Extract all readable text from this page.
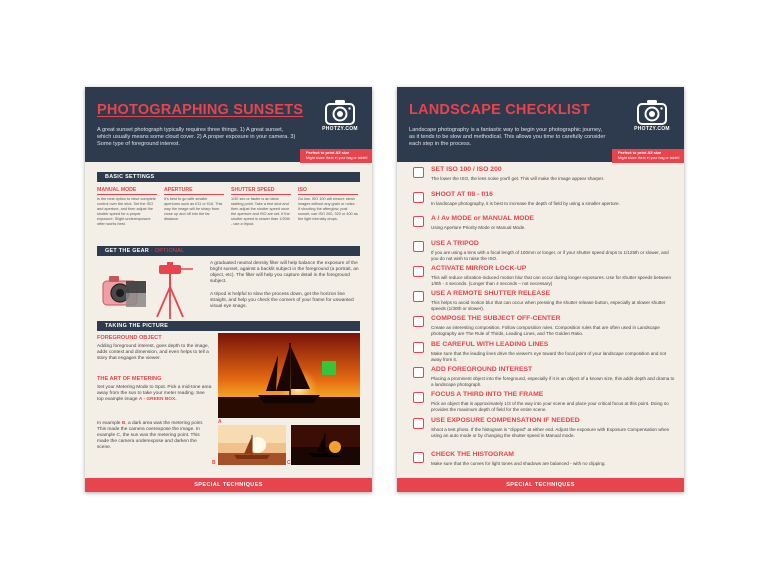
PHOTOGRAPHING SUNSETS
A great sunset photograph typically requires three things. 1) A great sunset, which usually means some cloud cover. 2) A proper exposure in your camera. 3) Some type of foreground interest.
PHOTZY.COM
Perfect to print A5 size
Might share them in your bag or tablet!
BASIC SETTINGS
MANUAL MODE
Is the best option to have complete control over the shot. Set the ISO and aperture, and then adjust the shutter speed for a proper exposure. Slight underexposure often works best.
APERTURE
It's best to go with smaller apertures such as f/11 or f/16. This way the image will be sharp from close up and off into the far distance.
SHUTTER SPEED
1/30 sec or faster is an ideal starting point. Take a test shot and then adjust the shutter speed once the aperture and ISO are set. If the shutter speed is slower than 1/30th - use a tripod.
ISO
Go low. ISO 100 will ensure clean images without any grain or noise. If shooting the afterglow, post sunset, use ISO 200, 320 or 400 as the light intensity drops.
GET THE GEAR - OPTIONAL
A graduated neutral density filter will help balance the exposure of the bright sunset, against a backlit subject in the foreground (a portrait, an object, etc). The filter will help you capture detail in the foreground subject.
A tripod is helpful to slow the process down, get the horizon line straight, and help you check the corners of your frame for unwanted visual eye snags.
TAKING THE PICTURE
FOREGROUND OBJECT
Adding foreground interest, goes depth to the image, adds context and dimension, and even helps to tell a story that engages the viewer.
THE ART OF METERING
Set your Metering Mode to Spot. Pick a mid-tone area away from the sun to take your meter reading. See top example image A - GREEN BOX.
In example B, a dark area was the metering point. This made the camera overexpose the image. In example C, the sun was the metering point. This made the camera underexpose and darken the scene.
A
B	C
SPECIAL TECHNIQUES
LANDSCAPE CHECKLIST
Landscape photography is a fantastic way to begin your photographic journey, as it tends to be slow and methodical. This allows you time to carefully consider each step in the process.
PHOTZY.COM
Perfect to print A5 size
Might share them in your bag or tablet!
SET ISO 100 / ISO 200
The lower the ISO, the less noise you'll get. This will make the image appear sharper.
SHOOT AT f/8 - f/16
In landscape photography, it is best to increase the depth of field by using a smaller aperture.
A / Av MODE or MANUAL MODE
Using Aperture Priority Mode or Manual Mode.
USE A TRIPOD
If you are using a lens with a focal length of 100mm or longer, or if your shutter speed drops to 1/125th or slower, and you do not wish to raise the ISO.
ACTIVATE MIRROR LOCK-UP
This will reduce vibration-induced motion blur that can occur during longer exposures. Use for shutter speeds between 1/8th - 4 seconds. (Longer than 4 seconds – not necessary)
USE A REMOTE SHUTTER RELEASE
This helps to avoid motion blur that can occur when pressing the shutter release button, especially at slower shutter speeds (1/30th or slower).
COMPOSE THE SUBJECT OFF-CENTER
Create an interesting composition. Follow composition rules. Composition rules that are often used in Landscape photography are The Rule of Thirds, Leading Lines, and The Golden Ratio.
BE CAREFUL WITH LEADING LINES
Make sure that the leading lines drive the viewer's eye toward the focal point of your landscape composition and not away from it.
ADD FOREGROUND INTEREST
Placing a prominent object into the foreground, especially if it is an object of a known size, this adds depth and drama to a landscape photograph.
FOCUS A THIRD INTO THE FRAME
Pick an object that is approximately 1/3 of the way into your scene and place your critical focus at this point. Doing so provides the maximum depth of field for the entire scene.
USE EXPOSURE COMPENSATION IF NEEDED
Shoot a test photo. If the histogram is "clipped" at either end. Adjust the exposure with Exposure Compensation when using an auto mode or by changing the shutter speed in Manual mode.
CHECK THE HISTOGRAM
Make sure that the curves for light tones and shadows are balanced - with no clipping.
SPECIAL TECHNIQUES
